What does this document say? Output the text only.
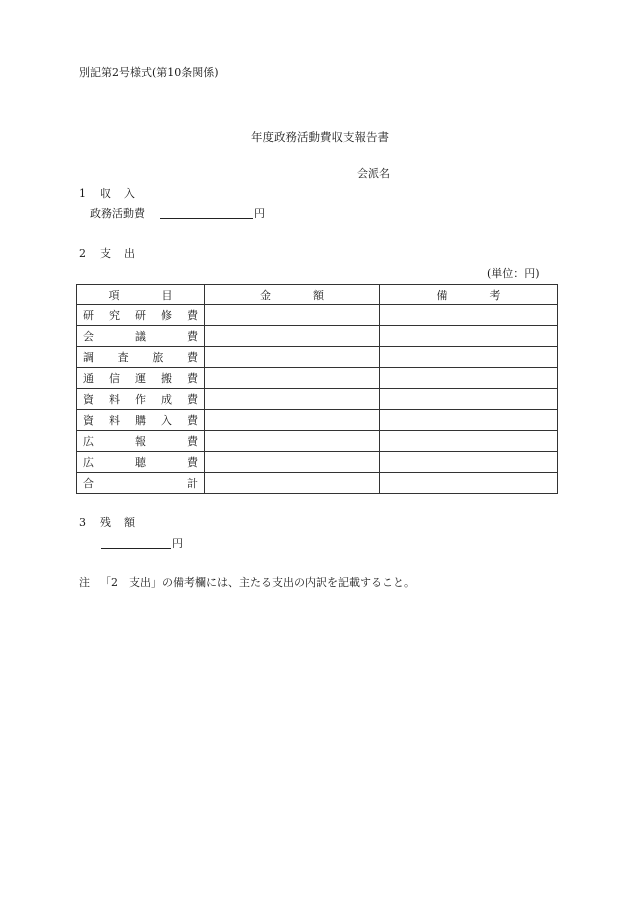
別記第2号様式(第10条関係)
年度政務活動費収支報告書
会派名
1 収 入
政務活動費	円
2 支 出
(単位：円)
項 目	金 額	備 考

研 究 研 修 費		

会 議 費		

調 査 旅 費		

通 信 運 搬 費		

資 料 作 成 費		

資 料 購 入 費		

広 報 費		

広 聴 費		

合 計		

3 残 額
円
注 「2　支出」の備考欄には、主たる支出の内訳を記載すること。
